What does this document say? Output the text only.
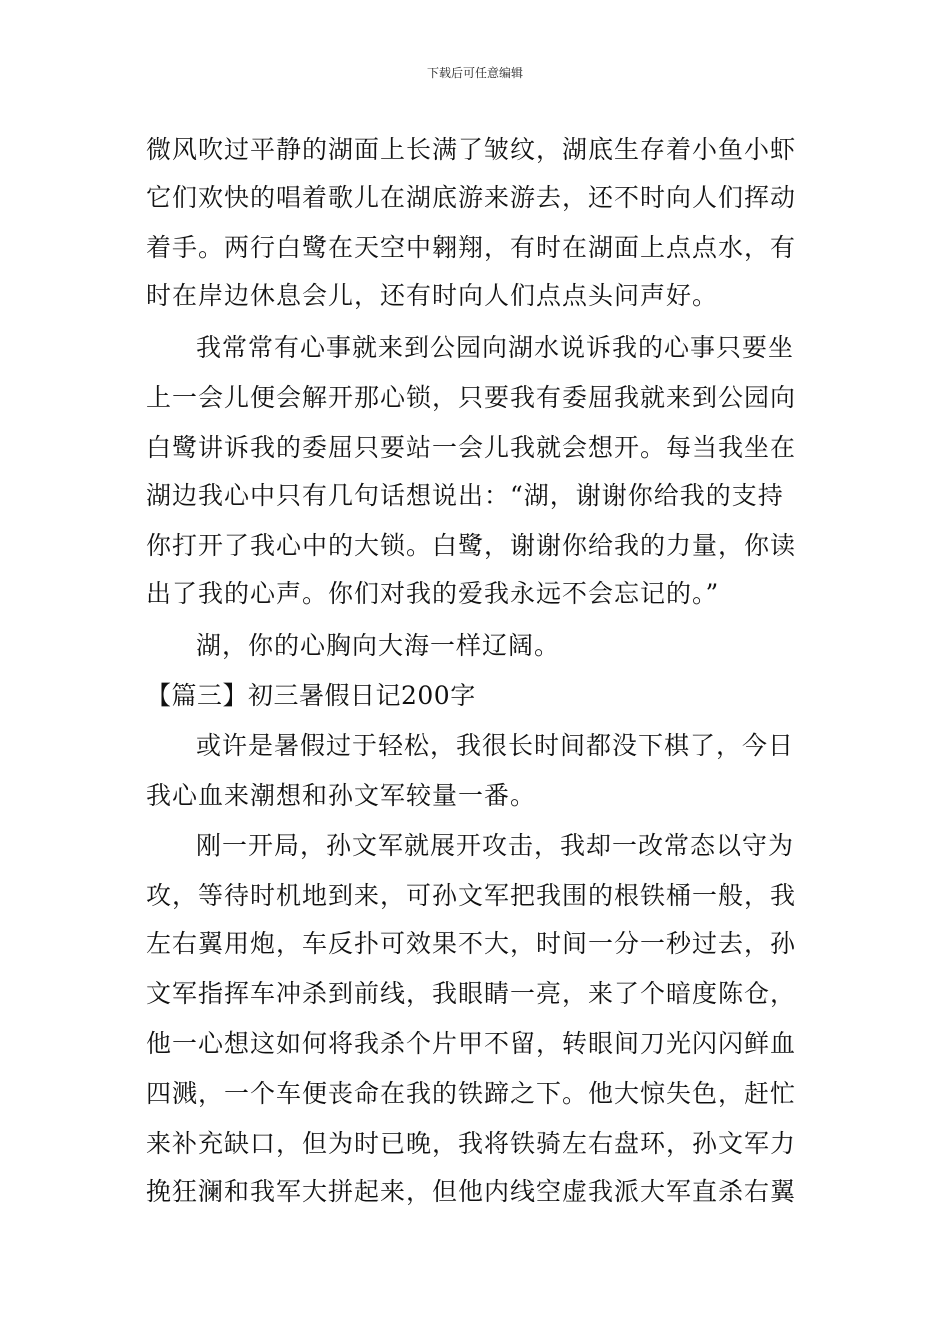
下载后可任意编辑
微风吹过平静的湖面上长满了皱纹，湖底生存着小鱼小虾
它们欢快的唱着歌儿在湖底游来游去，还不时向人们挥动
着手。两行白鹭在天空中翱翔，有时在湖面上点点水，有
时在岸边休息会儿，还有时向人们点点头问声好。
我常常有心事就来到公园向湖水说诉我的心事只要坐
上一会儿便会解开那心锁，只要我有委屈我就来到公园向
白鹭讲诉我的委屈只要站一会儿我就会想开。每当我坐在
湖边我心中只有几句话想说出：“湖，谢谢你给我的支持
你打开了我心中的大锁。白鹭，谢谢你给我的力量，你读
出了我的心声。你们对我的爱我永远不会忘记的。”
湖，你的心胸向大海一样辽阔。
【篇三】初三暑假日记200字
或许是暑假过于轻松，我很长时间都没下棋了，今日
我心血来潮想和孙文军较量一番。
刚一开局，孙文军就展开攻击，我却一改常态以守为
攻，等待时机地到来，可孙文军把我围的根铁桶一般，我
左右翼用炮，车反扑可效果不大，时间一分一秒过去，孙
文军指挥车冲杀到前线，我眼睛一亮，来了个暗度陈仓，
他一心想这如何将我杀个片甲不留，转眼间刀光闪闪鲜血
四溅，一个车便丧命在我的铁蹄之下。他大惊失色，赶忙
来补充缺口，但为时已晚，我将铁骑左右盘环，孙文军力
挽狂澜和我军大拼起来，但他内线空虚我派大军直杀右翼
